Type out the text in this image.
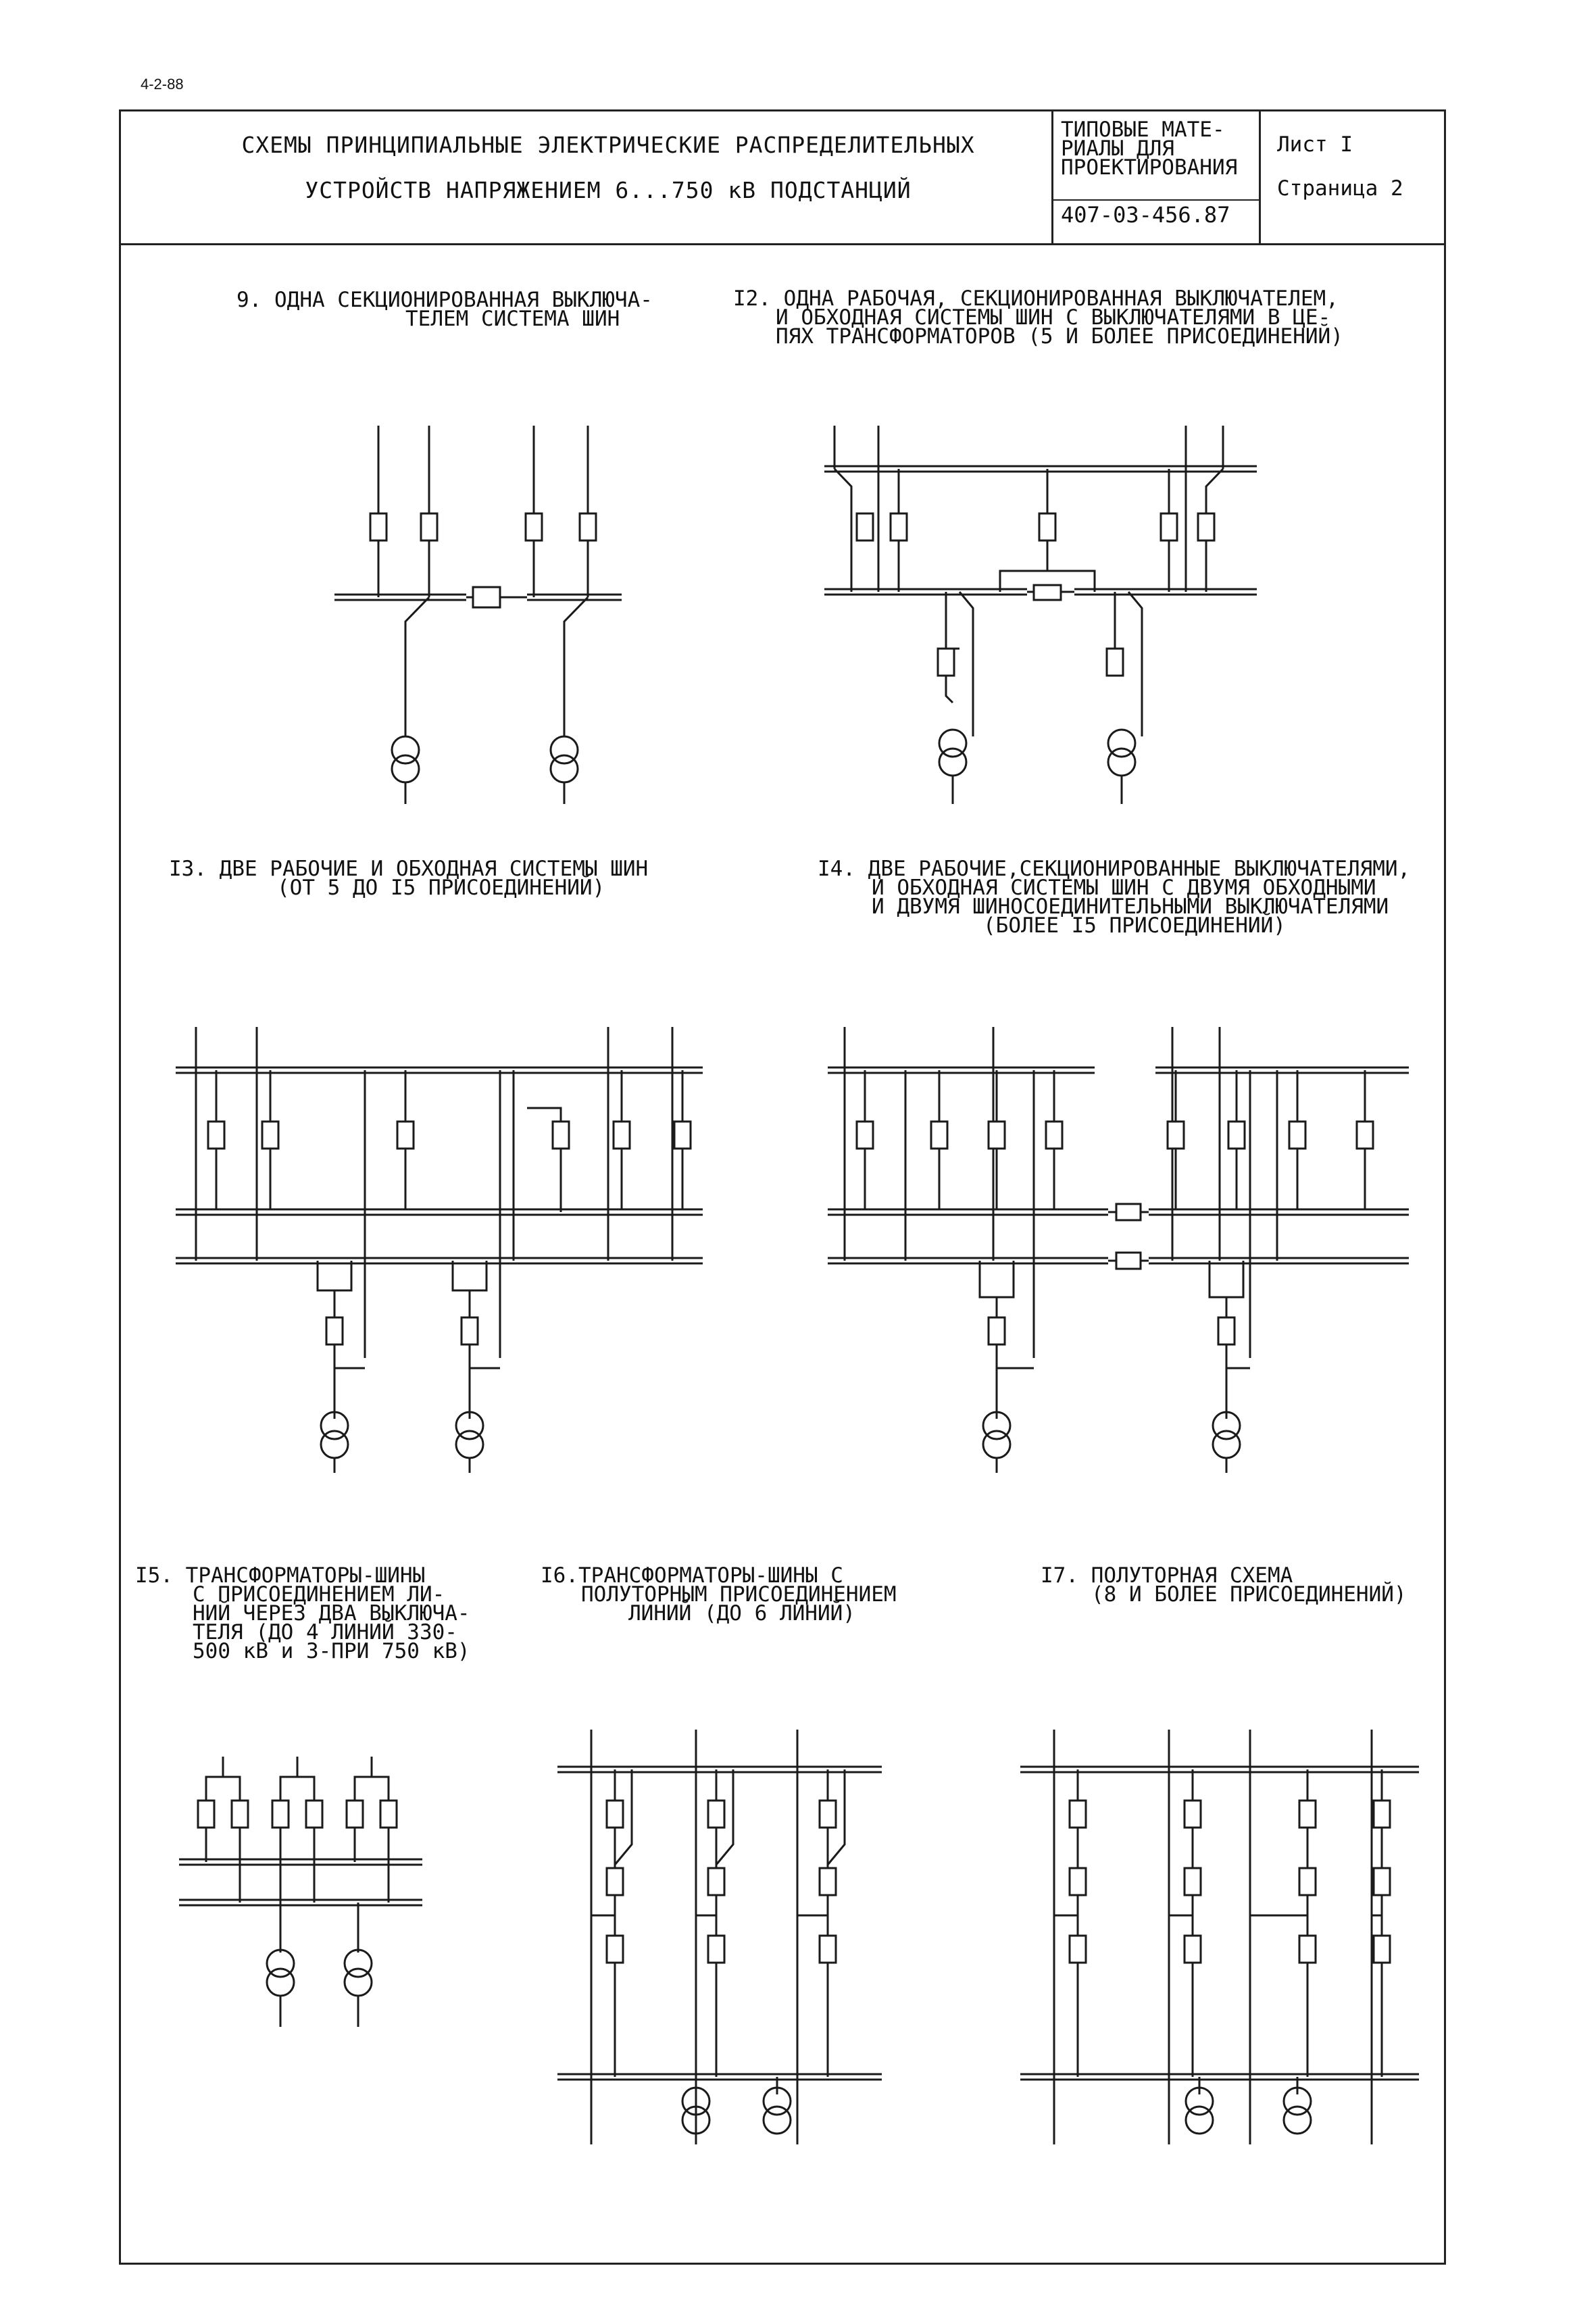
4-2-88
СХЕМЫ ПРИНЦИПИАЛЬНЫЕ ЭЛЕКТРИЧЕСКИЕ РАСПРЕДЕЛИТЕЛЬНЫХ
УСТРОЙСТВ НАПРЯЖЕНИЕМ 6...750 кВ ПОДСТАНЦИЙ
ТИПОВЫЕ МАТЕ-
РИАЛЫ ДЛЯ
ПРОЕКТИРОВАНИЯ
407-03-456.87
Лист I
Страница 2
9. ОДНА СЕКЦИОНИРОВАННАЯ ВЫКЛЮЧА-
ТЕЛЕМ СИСТЕМА ШИН
I2. ОДНА РАБОЧАЯ, СЕКЦИОНИРОВАННАЯ ВЫКЛЮЧАТЕЛЕМ,
И ОБХОДНАЯ СИСТЕМЫ ШИН С ВЫКЛЮЧАТЕЛЯМИ В ЦЕ-
ПЯХ ТРАНСФОРМАТОРОВ (5 И БОЛЕЕ ПРИСОЕДИНЕНИЙ)
I3. ДВЕ РАБОЧИЕ И ОБХОДНАЯ СИСТЕМЫ ШИН
(ОТ 5 ДО I5 ПРИСОЕДИНЕНИЙ)
I4. ДВЕ РАБОЧИЕ,СЕКЦИОНИРОВАННЫЕ ВЫКЛЮЧАТЕЛЯМИ,
И ОБХОДНАЯ СИСТЕМЫ ШИН С ДВУМЯ ОБХОДНЫМИ
И ДВУМЯ ШИНОСОЕДИНИТЕЛЬНЫМИ ВЫКЛЮЧАТЕЛЯМИ
(БОЛЕЕ I5 ПРИСОЕДИНЕНИЙ)
I5. ТРАНСФОРМАТОРЫ-ШИНЫ
С ПРИСОЕДИНЕНИЕМ ЛИ-
НИЙ ЧЕРЕЗ ДВА ВЫКЛЮЧА-
ТЕЛЯ (ДО 4 ЛИНИЙ 330-
500 кВ и 3-ПРИ 750 кВ)
I6.ТРАНСФОРМАТОРЫ-ШИНЫ С
ПОЛУТОРНЫМ ПРИСОЕДИНЕНИЕМ
ЛИНИЙ (ДО 6 ЛИНИЙ)
I7. ПОЛУТОРНАЯ СХЕМА
(8 И БОЛЕЕ ПРИСОЕДИНЕНИЙ)
